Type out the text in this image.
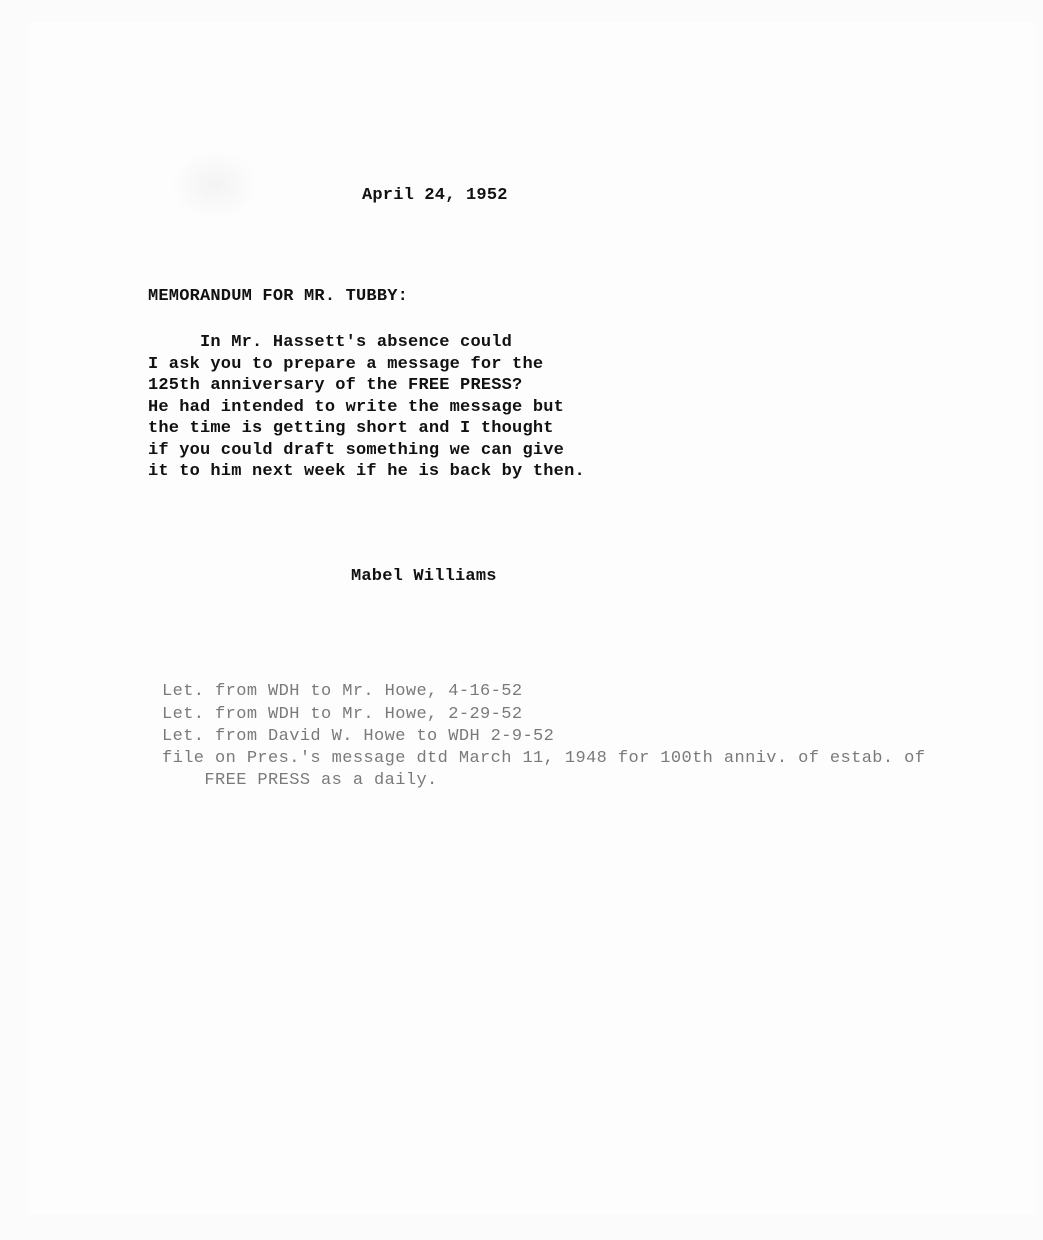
April 24, 1952
MEMORANDUM FOR MR. TUBBY:
In Mr. Hassett's absence could
I ask you to prepare a message for the
125th anniversary of the FREE PRESS?
He had intended to write the message but
the time is getting short and I thought
if you could draft something we can give
it to him next week if he is back by then.
Mabel Williams
Let. from WDH to Mr. Howe, 4-16-52
Let. from WDH to Mr. Howe, 2-29-52
Let. from David W. Howe to WDH 2-9-52
file on Pres.'s message dtd March 11, 1948 for 100th anniv. of estab. of
FREE PRESS as a daily.
